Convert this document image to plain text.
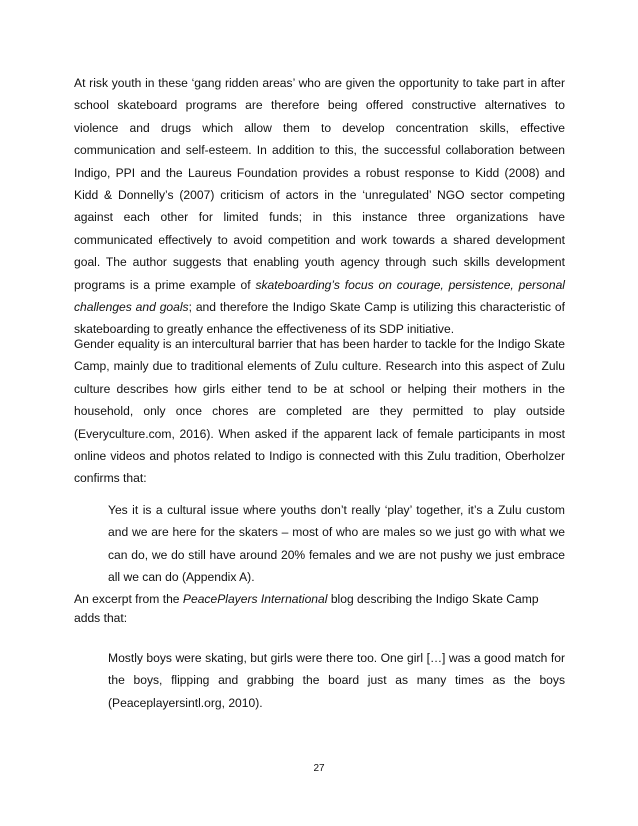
At risk youth in these ‘gang ridden areas’ who are given the opportunity to take part in after school skateboard programs are therefore being offered constructive alternatives to violence and drugs which allow them to develop concentration skills, effective communication and self-esteem. In addition to this, the successful collaboration between Indigo, PPI and the Laureus Foundation provides a robust response to Kidd (2008) and Kidd & Donnelly’s (2007) criticism of actors in the ‘unregulated’ NGO sector competing against each other for limited funds; in this instance three organizations have communicated effectively to avoid competition and work towards a shared development goal. The author suggests that enabling youth agency through such skills development programs is a prime example of skateboarding’s focus on courage, persistence, personal challenges and goals; and therefore the Indigo Skate Camp is utilizing this characteristic of skateboarding to greatly enhance the effectiveness of its SDP initiative.

Gender equality is an intercultural barrier that has been harder to tackle for the Indigo Skate Camp, mainly due to traditional elements of Zulu culture. Research into this aspect of Zulu culture describes how girls either tend to be at school or helping their mothers in the household, only once chores are completed are they permitted to play outside (Everyculture.com, 2016). When asked if the apparent lack of female participants in most online videos and photos related to Indigo is connected with this Zulu tradition, Oberholzer confirms that:

Yes it is a cultural issue where youths don’t really ‘play’ together, it’s a Zulu custom and we are here for the skaters – most of who are males so we just go with what we can do, we do still have around 20% females and we are not pushy we just embrace all we can do (Appendix A).

An excerpt from the PeacePlayers International blog describing the Indigo Skate Camp
adds that:

Mostly boys were skating, but girls were there too. One girl […] was a good match for the boys, flipping and grabbing the board just as many times as the boys (Peaceplayersintl.org, 2010).

27
